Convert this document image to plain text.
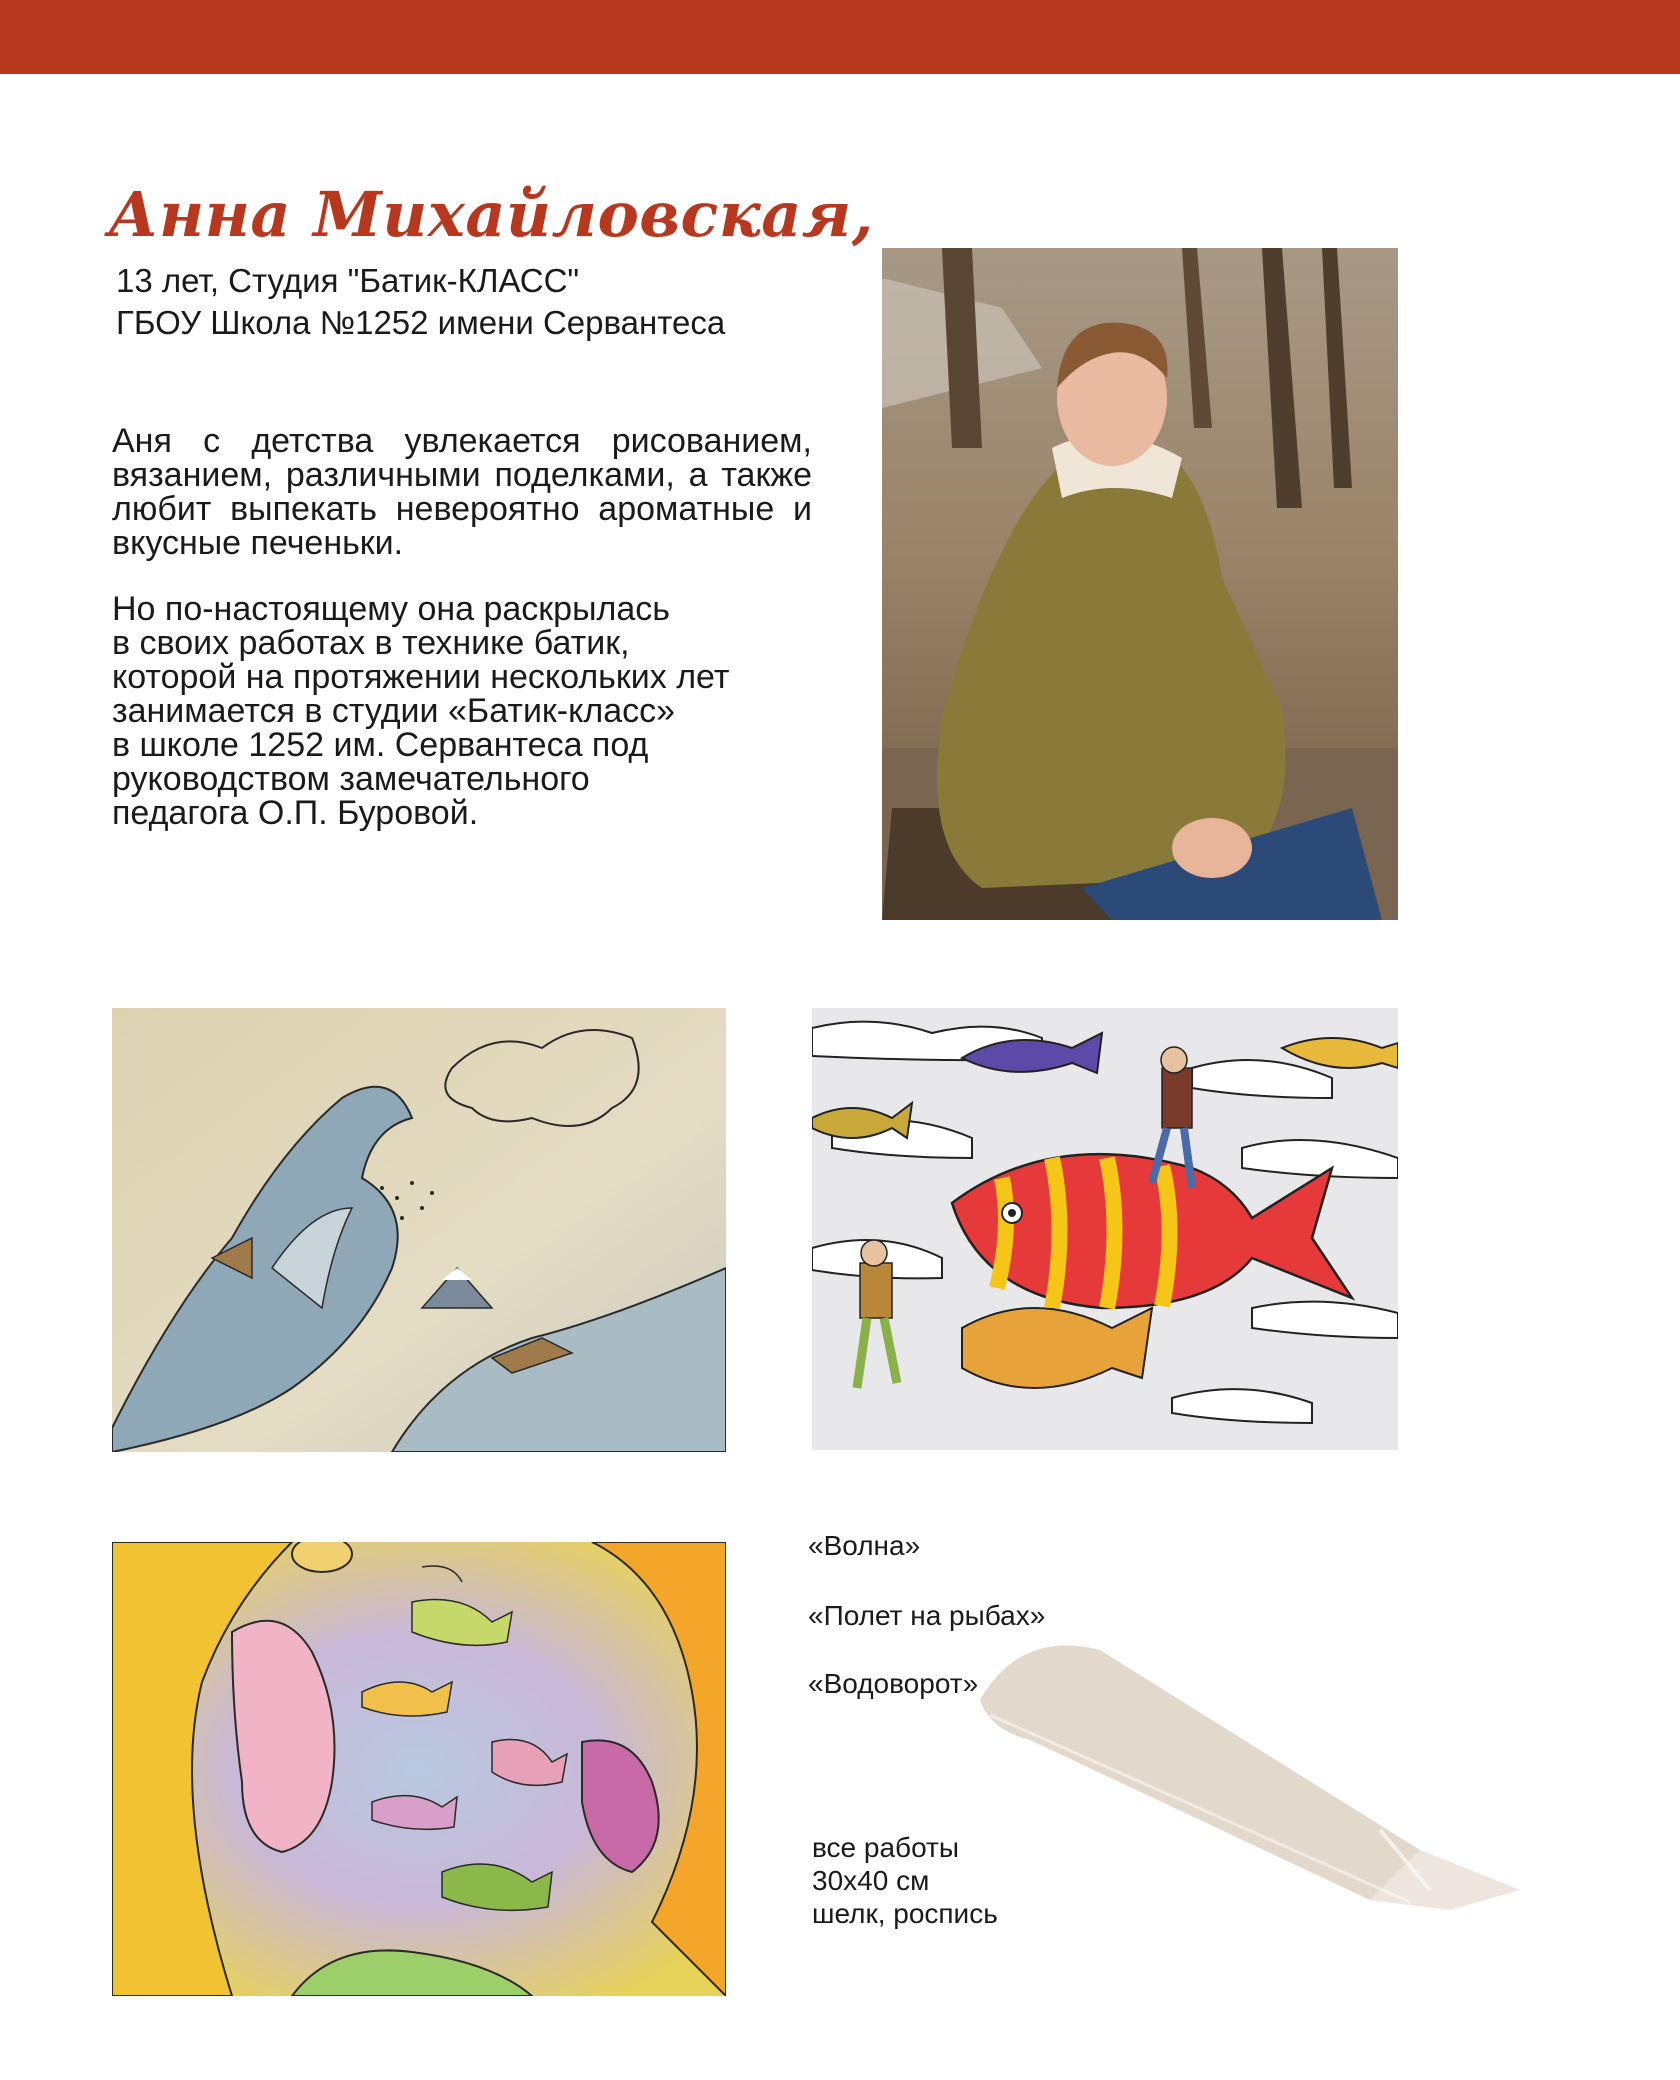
Анна Михайловская,
13 лет, Студия "Батик-КЛАСС"
ГБОУ Школа №1252 имени Сервантеса

Аня с детства увлекается рисованием, вязанием, различными поделками, а также любит выпекать невероятно ароматные и вкусные печеньки.

Но по-настоящему она раскрылась
в своих работах в технике батик,
которой на протяжении нескольких лет
занимается в студии «Батик-класс»
в школе 1252 им. Сервантеса под
руководством замечательного
педагога О.П. Буровой.

«Волна»
«Полет на рыбах»
«Водоворот»
все работы
30х40 см
шелк, роспись
